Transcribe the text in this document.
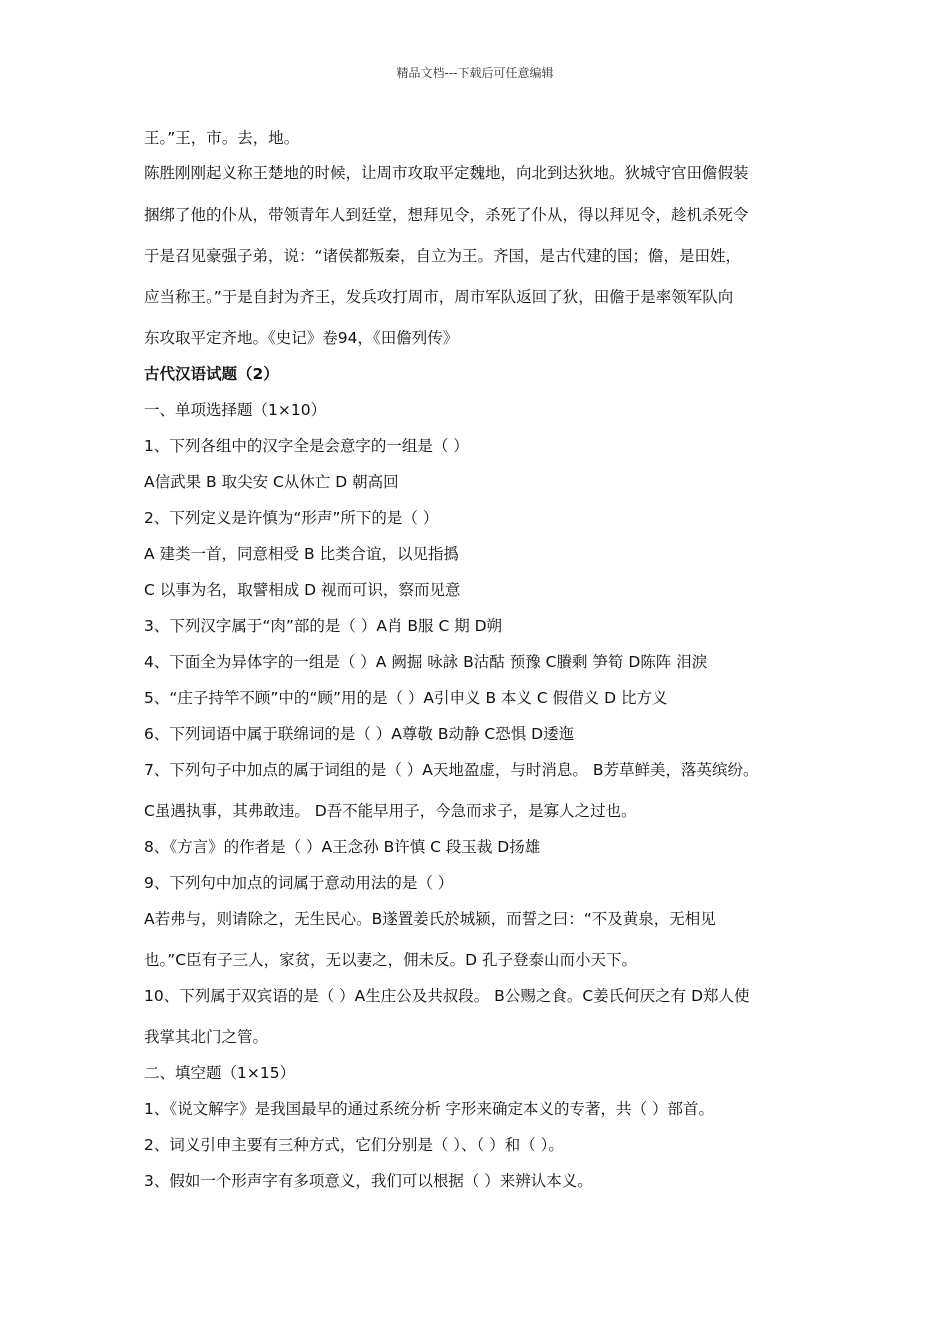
精品文档---下载后可任意编辑
王。”王，市。去，地。
陈胜刚刚起义称王楚地的时候，让周市攻取平定魏地，向北到达狄地。狄城守官田儋假装
捆绑了他的仆从，带领青年人到廷堂，想拜见令，杀死了仆从，得以拜见令，趁机杀死令
于是召见豪强子弟，说：“诸侯都叛秦，自立为王。齐国，是古代建的国；儋，是田姓，
应当称王。”于是自封为齐王，发兵攻打周市，周市军队返回了狄，田儋于是率领军队向
东攻取平定齐地。《史记》卷94，《田儋列传》
古代汉语试题（2）
一、单项选择题（1×10）
1、下列各组中的汉字全是会意字的一组是（ ）
A信武果 B 取尖安 C从休亡 D 朝高回
2、下列定义是许慎为“形声”所下的是（ ）
A 建类一首，同意相受 B 比类合谊，以见指撝
C 以事为名，取譬相成 D 视而可识，察而见意
3、下列汉字属于“肉”部的是（ ）A肖 B服 C 期 D朔
4、下面全为异体字的一组是（ ）A 阙掘 咏詠 B沽酤 预豫 C賸剩 笋筍 D陈阵 泪淚
5、“庄子持竿不顾”中的“顾”用的是（ ）A引申义 B 本义 C 假借义 D 比方义
6、下列词语中属于联绵词的是（ ）A尊敬 B动静 C恐惧 D逶迤
7、下列句子中加点的属于词组的是（ ）A天地盈虚，与时消息。 B芳草鲜美，落英缤纷。
C虽遇执事，其弗敢违。 D吾不能早用子，今急而求子，是寡人之过也。
8、《方言》的作者是（ ）A王念孙 B许慎 C 段玉裁 D扬雄
9、下列句中加点的词属于意动用法的是（ ）
A若弗与，则请除之，无生民心。B遂置姜氏於城颍，而誓之曰：“不及黄泉，无相见
也。”C臣有子三人，家贫，无以妻之，佣未反。D 孔子登泰山而小天下。
10、下列属于双宾语的是（ ）A生庄公及共叔段。 B公赐之食。C姜氏何厌之有 D郑人使
我掌其北门之管。
二、填空题（1×15）
1、《说文解字》是我国最早的通过系统分析 字形来确定本义的专著，共（ ）部首。
2、词义引申主要有三种方式，它们分别是（ ）、（ ）和（ ）。
3、假如一个形声字有多项意义，我们可以根据（ ）来辨认本义。
